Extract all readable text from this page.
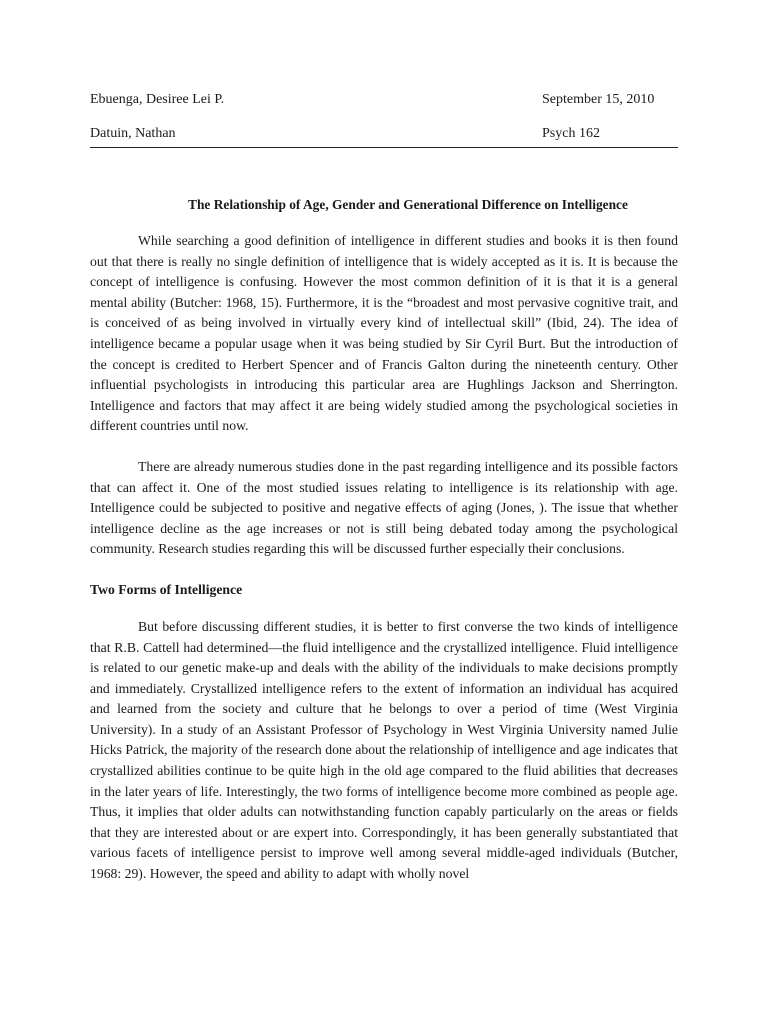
Ebuenga, Desiree Lei P.	September 15, 2010
Datuin, Nathan	Psych 162
The Relationship of Age, Gender and Generational Difference on Intelligence

While searching a good definition of intelligence in different studies and books it is then found out that there is really no single definition of intelligence that is widely accepted as it is. It is because the concept of intelligence is confusing. However the most common definition of it is that it is a general mental ability (Butcher: 1968, 15). Furthermore, it is the “broadest and most pervasive cognitive trait, and is conceived of as being involved in virtually every kind of intellectual skill” (Ibid, 24). The idea of intelligence became a popular usage when it was being studied by Sir Cyril Burt. But the introduction of the concept is credited to Herbert Spencer and of Francis Galton during the nineteenth century. Other influential psychologists in introducing this particular area are Hughlings Jackson and Sherrington. Intelligence and factors that may affect it are being widely studied among the psychological societies in different countries until now.

There are already numerous studies done in the past regarding intelligence and its possible factors that can affect it. One of the most studied issues relating to intelligence is its relationship with age. Intelligence could be subjected to positive and negative effects of aging (Jones, ). The issue that whether intelligence decline as the age increases or not is still being debated today among the psychological community. Research studies regarding this will be discussed further especially their conclusions.

Two Forms of Intelligence

But before discussing different studies, it is better to first converse the two kinds of intelligence that R.B. Cattell had determined—the fluid intelligence and the crystallized intelligence. Fluid intelligence is related to our genetic make-up and deals with the ability of the individuals to make decisions promptly and immediately. Crystallized intelligence refers to the extent of information an individual has acquired and learned from the society and culture that he belongs to over a period of time (West Virginia University). In a study of an Assistant Professor of Psychology in West Virginia University named Julie Hicks Patrick, the majority of the research done about the relationship of intelligence and age indicates that crystallized abilities continue to be quite high in the old age compared to the fluid abilities that decreases in the later years of life. Interestingly, the two forms of intelligence become more combined as people age. Thus, it implies that older adults can notwithstanding function capably particularly on the areas or fields that they are interested about or are expert into. Correspondingly, it has been generally substantiated that various facets of intelligence persist to improve well among several middle-aged individuals (Butcher, 1968: 29). However, the speed and ability to adapt with wholly novel
